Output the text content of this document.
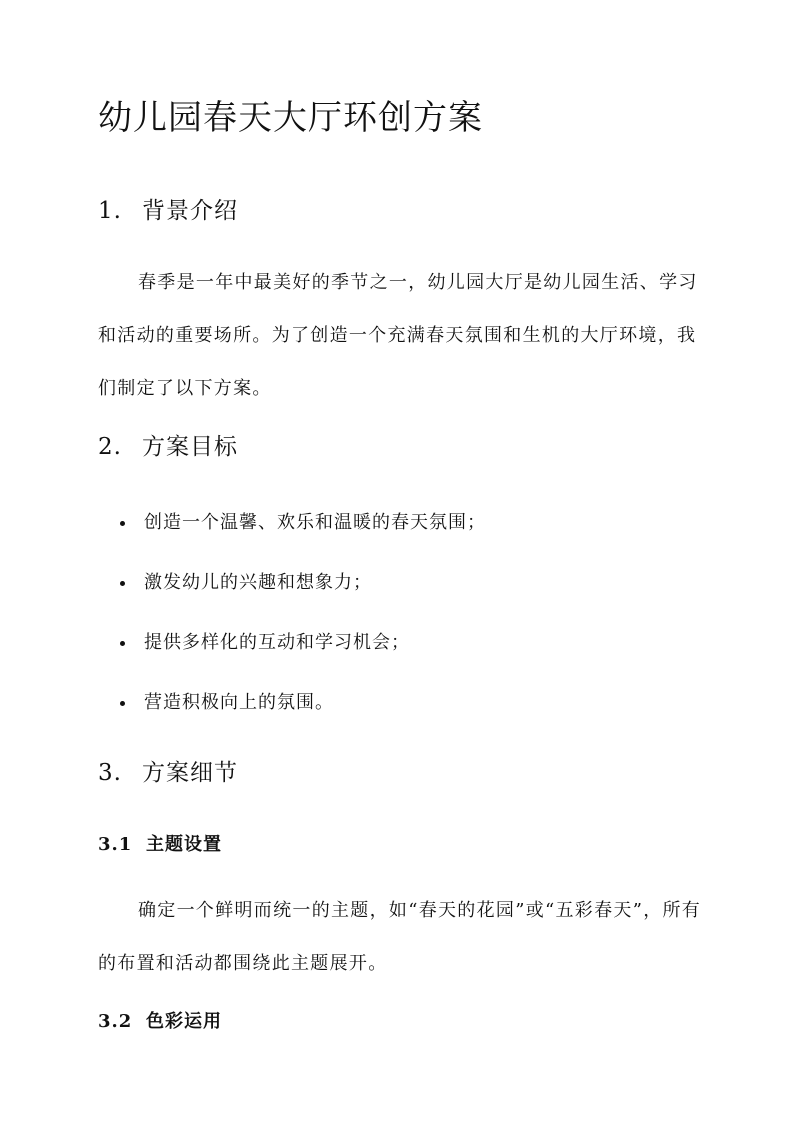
幼儿园春天大厅环创方案
1. 背景介绍

春季是一年中最美好的季节之一，幼儿园大厅是幼儿园生活、学习和活动的重要场所。为了创造一个充满春天氛围和生机的大厅环境，我们制定了以下方案。

2. 方案目标
创造一个温馨、欢乐和温暖的春天氛围；
激发幼儿的兴趣和想象力；
提供多样化的互动和学习机会；
营造积极向上的氛围。
3. 方案细节
3.1 主题设置

确定一个鲜明而统一的主题，如“春天的花园”或“五彩春天”，所有的布置和活动都围绕此主题展开。

3.2 色彩运用
